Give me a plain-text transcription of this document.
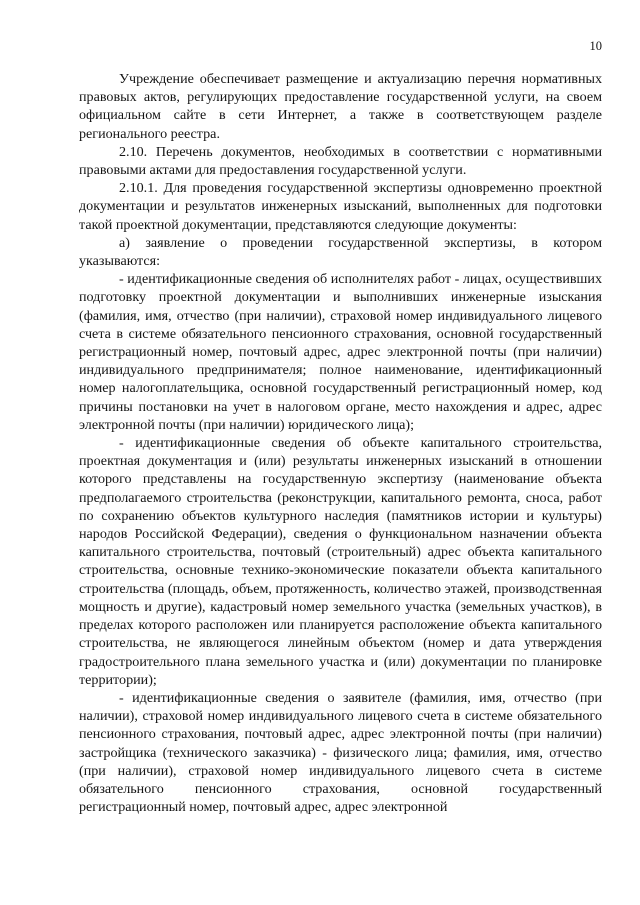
10

Учреждение обеспечивает размещение и актуализацию перечня нормативных правовых актов, регулирующих предоставление государственной услуги, на своем официальном сайте в сети Интернет, а также в соответствующем разделе регионального реестра.

2.10. Перечень документов, необходимых в соответствии с нормативными правовыми актами для предоставления государственной услуги.

2.10.1. Для проведения государственной экспертизы одновременно проектной документации и результатов инженерных изысканий, выполненных для подготовки такой проектной документации, представляются следующие документы:

а) заявление о проведении государственной экспертизы, в котором указываются:

- идентификационные сведения об исполнителях работ - лицах, осуществивших подготовку проектной документации и выполнивших инженерные изыскания (фамилия, имя, отчество (при наличии), страховой номер индивидуального лицевого счета в системе обязательного пенсионного страхования, основной государственный регистрационный номер, почтовый адрес, адрес электронной почты (при наличии) индивидуального предпринимателя; полное наименование, идентификационный номер налогоплательщика, основной государственный регистрационный номер, код причины постановки на учет в налоговом органе, место нахождения и адрес, адрес электронной почты (при наличии) юридического лица);

- идентификационные сведения об объекте капитального строительства, проектная документация и (или) результаты инженерных изысканий в отношении которого представлены на государственную экспертизу (наименование объекта предполагаемого строительства (реконструкции, капитального ремонта, сноса, работ по сохранению объектов культурного наследия (памятников истории и культуры) народов Российской Федерации), сведения о функциональном назначении объекта капитального строительства, почтовый (строительный) адрес объекта капитального строительства, основные технико-экономические показатели объекта капитального строительства (площадь, объем, протяженность, количество этажей, производственная мощность и другие), кадастровый номер земельного участка (земельных участков), в пределах которого расположен или планируется расположение объекта капитального строительства, не являющегося линейным объектом (номер и дата утверждения градостроительного плана земельного участка и (или) документации по планировке территории);

- идентификационные сведения о заявителе (фамилия, имя, отчество (при наличии), страховой номер индивидуального лицевого счета в системе обязательного пенсионного страхования, почтовый адрес, адрес электронной почты (при наличии) застройщика (технического заказчика) - физического лица; фамилия, имя, отчество (при наличии), страховой номер индивидуального лицевого счета в системе обязательного пенсионного страхования, основной государственный регистрационный номер, почтовый адрес, адрес электронной
